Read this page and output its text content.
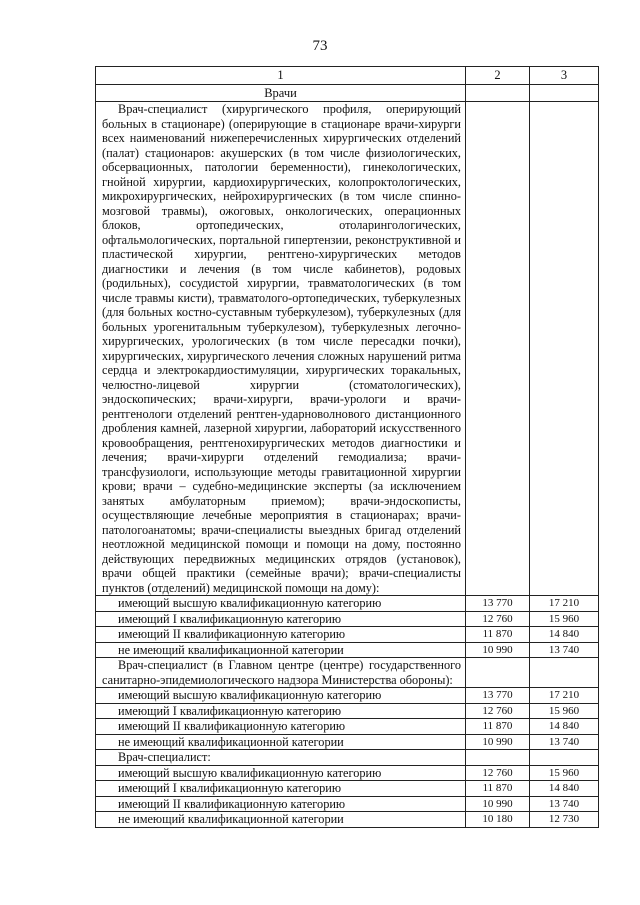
73
1	2	3
Врачи		

Врач-специалист (хирургического профиля, оперирующий больных в стационаре) (оперирующие в стационаре врачи-хирурги всех наименований нижеперечисленных хирургических отделений (палат) стационаров: акушерских (в том числе физиологических, обсервационных, патологии беременности), гинекологических, гнойной хирургии, кардиохирургических, колопроктологических, микрохирургических, нейрохирургических (в том числе спинно-мозговой травмы), ожоговых, онкологических, операционных блоков, ортопедических, отоларингологических, офтальмологических, портальной гипертензии, реконструктивной и пластической хирургии, рентгено-хирургических методов диагностики и лечения (в том числе кабинетов), родовых (родильных), сосудистой хирургии, травматологических (в том числе травмы кисти), травматолого-ортопедических, туберкулезных (для больных костно-суставным туберкулезом), туберкулезных (для больных урогенитальным туберкулезом), туберкулезных легочно-хирургических, урологических (в том числе пересадки почки), хирургических, хирургического лечения сложных нарушений ритма сердца и электрокардиостимуляции, хирургических торакальных, челюстно-лицевой хирургии (стоматологических), эндоскопических; врачи-хирурги, врачи-урологи и врачи-рентгенологи отделений рентген-ударноволнового дистанционного дробления камней, лазерной хирургии, лабораторий искусственного кровообращения, рентгенохирургических методов диагностики и лечения; врачи-хирурги отделений гемодиализа; врачи-трансфузиологи, использующие методы гравитационной хирургии крови; врачи – судебно-медицинские эксперты (за исключением занятых амбулаторным приемом); врачи-эндоскописты, осуществляющие лечебные мероприятия в стационарах; врачи-патологоанатомы; врачи-специалисты выездных бригад отделений неотложной медицинской помощи и помощи на дому, постоянно действующих передвижных медицинских отрядов (установок), врачи общей практики (семейные врачи); врачи-специалисты пунктов (отделений) медицинской помощи на дому):		

имеющий высшую квалификационную категорию	13 770	17 210
имеющий I квалификационную категорию	12 760	15 960
имеющий II квалификационную категорию	11 870	14 840
не имеющий квалификационной категории	10 990	13 740

Врач-специалист (в Главном центре (центре) государственного санитарно-эпидемиологического надзора Министерства обороны):		

имеющий высшую квалификационную категорию	13 770	17 210
имеющий I квалификационную категорию	12 760	15 960
имеющий II квалификационную категорию	11 870	14 840
не имеющий квалификационной категории	10 990	13 740

Врач-специалист:		

имеющий высшую квалификационную категорию	12 760	15 960
имеющий I квалификационную категорию	11 870	14 840
имеющий II квалификационную категорию	10 990	13 740
не имеющий квалификационной категории	10 180	12 730
